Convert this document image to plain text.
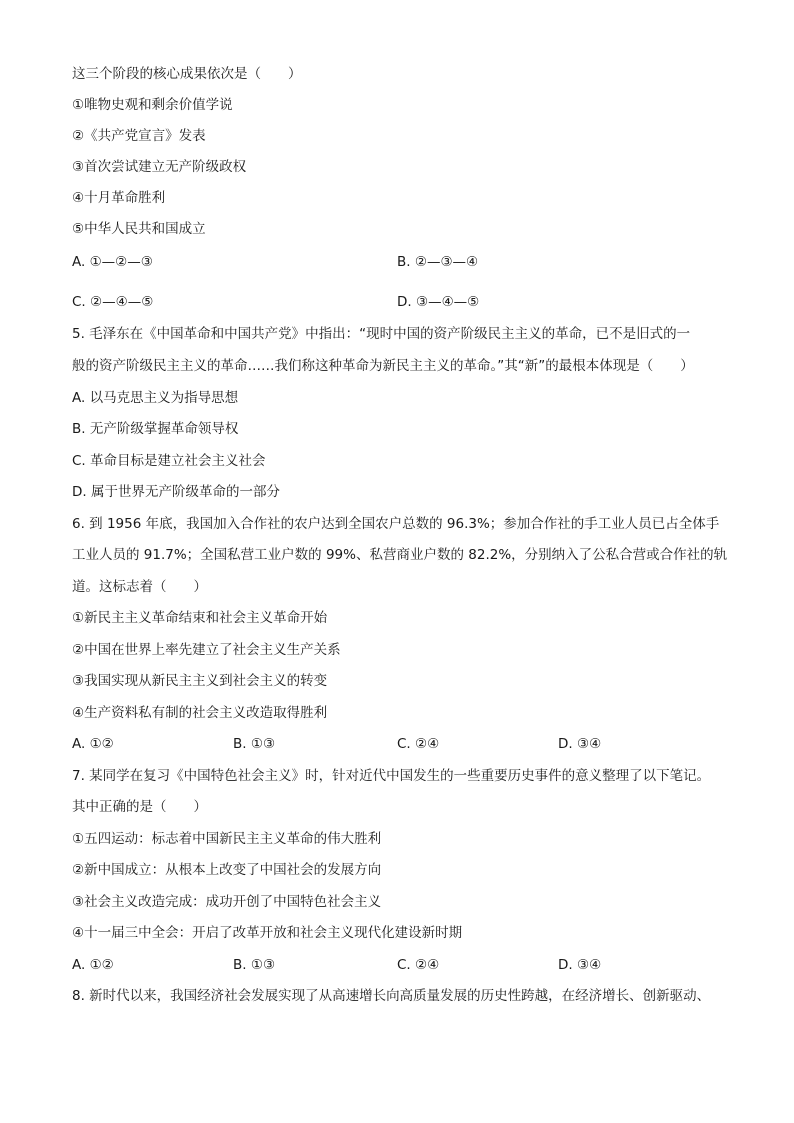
这三个阶段的核心成果依次是（　　）
①唯物史观和剩余价值学说
②《共产党宣言》发表
③首次尝试建立无产阶级政权
④十月革命胜利
⑤中华人民共和国成立
A. ①—②—③	B. ②—③—④
C. ②—④—⑤	D. ③—④—⑤
5. 毛泽东在《中国革命和中国共产党》中指出：“现时中国的资产阶级民主主义的革命，已不是旧式的一
般的资产阶级民主主义的革命……我们称这种革命为新民主主义的革命。”其“新”的最根本体现是（　　）
A. 以马克思主义为指导思想
B. 无产阶级掌握革命领导权
C. 革命目标是建立社会主义社会
D. 属于世界无产阶级革命的一部分
6. 到 1956 年底，我国加入合作社的农户达到全国农户总数的 96.3%；参加合作社的手工业人员已占全体手
工业人员的 91.7%；全国私营工业户数的 99%、私营商业户数的 82.2%，分别纳入了公私合营或合作社的轨
道。这标志着（　　）
①新民主主义革命结束和社会主义革命开始
②中国在世界上率先建立了社会主义生产关系
③我国实现从新民主主义到社会主义的转变
④生产资料私有制的社会主义改造取得胜利
A. ①②	B. ①③	C. ②④	D. ③④
7. 某同学在复习《中国特色社会主义》时，针对近代中国发生的一些重要历史事件的意义整理了以下笔记。
其中正确的是（　　）
①五四运动：标志着中国新民主主义革命的伟大胜利
②新中国成立：从根本上改变了中国社会的发展方向
③社会主义改造完成：成功开创了中国特色社会主义
④十一届三中全会：开启了改革开放和社会主义现代化建设新时期
A. ①②	B. ①③	C. ②④	D. ③④
8. 新时代以来，我国经济社会发展实现了从高速增长向高质量发展的历史性跨越，在经济增长、创新驱动、
